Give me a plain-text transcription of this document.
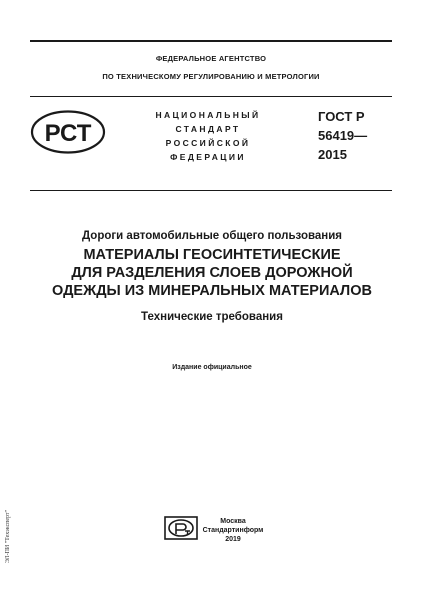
ФЕДЕРАЛЬНОЕ АГЕНТСТВО
ПО ТЕХНИЧЕСКОМУ РЕГУЛИРОВАНИЮ И МЕТРОЛОГИИ
РСТ
НАЦИОНАЛЬНЫЙ
СТАНДАРТ
РОССИЙСКОЙ
ФЕДЕРАЦИИ
ГОСТ Р
56419—
2015
Дороги автомобильные общего пользования
МАТЕРИАЛЫ ГЕОСИНТЕТИЧЕСКИЕ
ДЛЯ РАЗДЕЛЕНИЯ СЛОЕВ ДОРОЖНОЙ
ОДЕЖДЫ ИЗ МИНЕРАЛЬНЫХ МАТЕРИАЛОВ
Технические требования
Издание официальное
Москва
Стандартинформ
2019
ЭЛ-ПИ "Техэксперт"
